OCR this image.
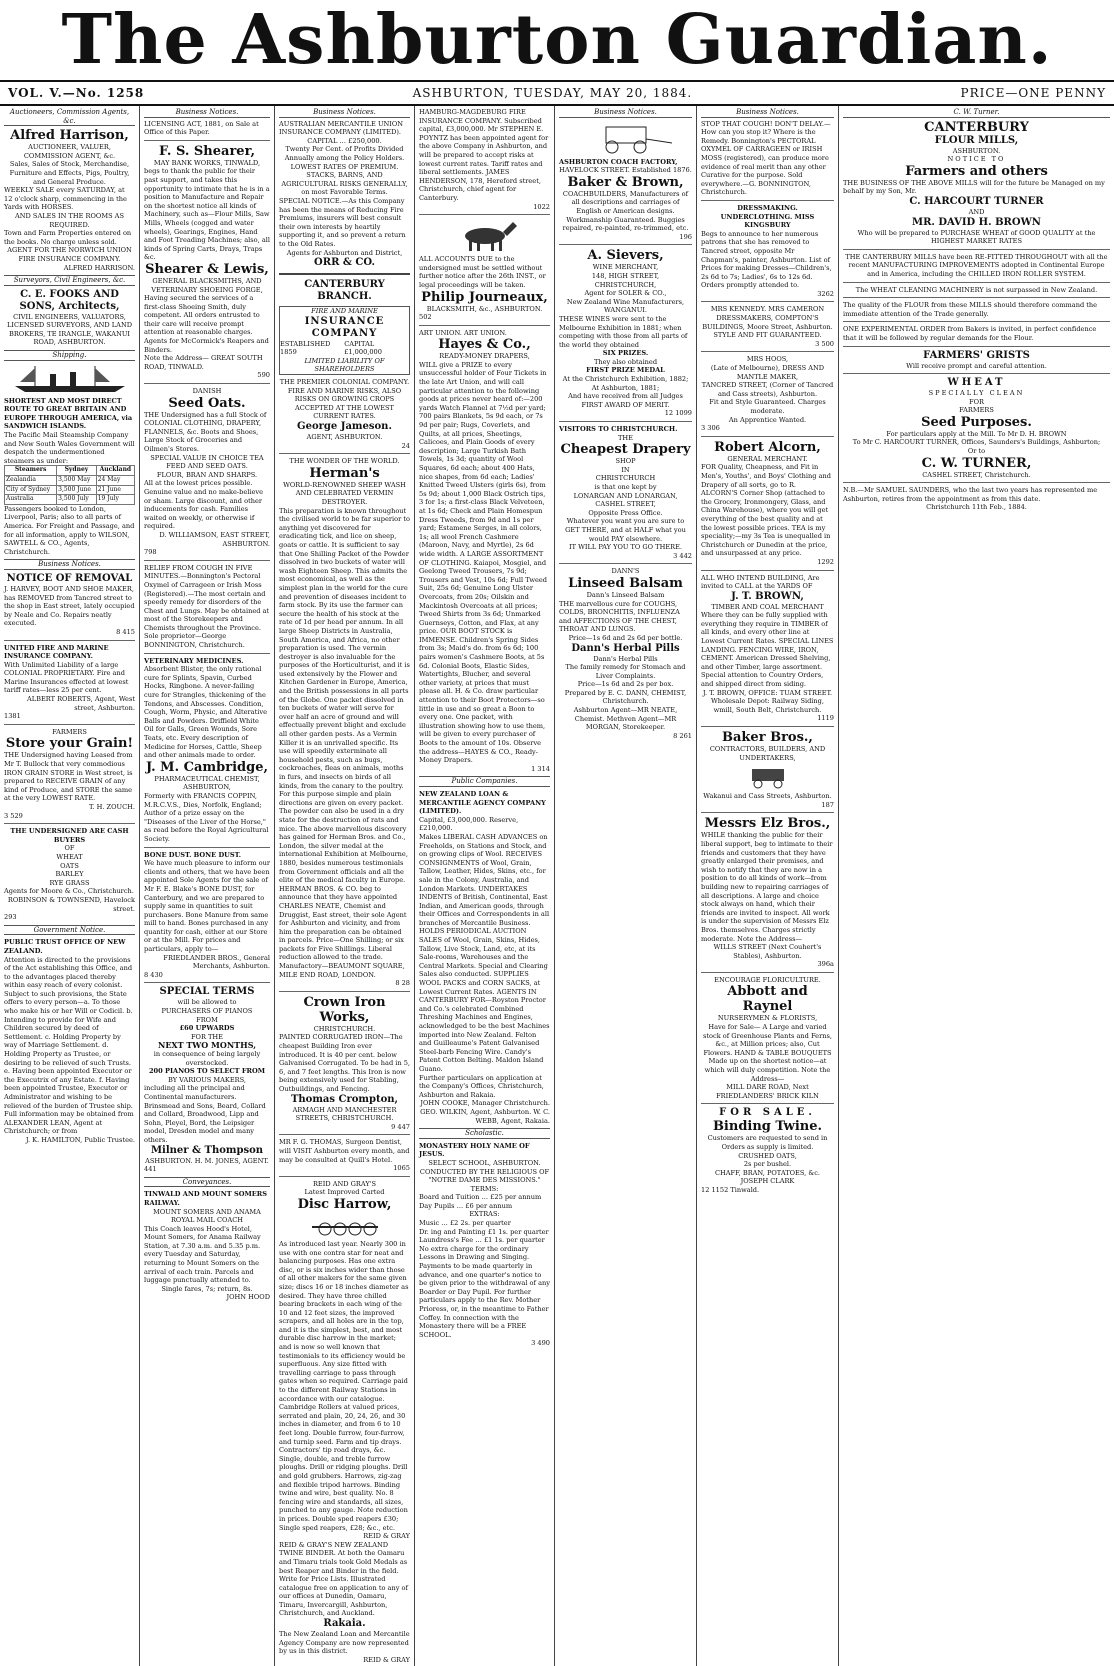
The Ashburton Guardian.
VOL. V.—No. 1258	ASHBURTON, TUESDAY, MAY 20, 1884.	PRICE—ONE PENNY
Auctioneers, Commission Agents, &c.
Alfred Harrison,
AUCTIONEER, VALUER, COMMISSION AGENT, &c.
Sales, Sales of Stock, Merchandise, Furniture and Effects, Pigs, Poultry, and General Produce.
WEEKLY SALE every SATURDAY, at 12 o'clock sharp, commencing in the Yards with HORSES.
AND SALES IN THE ROOMS AS REQUIRED.
Town and Farm Properties entered on the books. No charge unless sold.
AGENT FOR THE NORWICH UNION FIRE INSURANCE COMPANY.
ALFRED HARRISON.
Surveyors, Civil Engineers, &c.
C. E. FOOKS AND SONS, Architects,
CIVIL ENGINEERS, VALUATORS, LICENSED SURVEYORS, AND LAND BROKERS, TE IRANGLE, WAKANUI ROAD, ASHBURTON.
Shipping.
SHORTEST AND MOST DIRECT ROUTE TO GREAT BRITAIN AND EUROPE THROUGH AMERICA, via SANDWICH ISLANDS.
The Pacific Mail Steamship Company and New South Wales Government will despatch the undermentioned steamers as under:
Steamers	Sydney	Auckland
Zealandia	3,500 May	24 May
City of Sydney	3,500 June	21 June
Australia	3,500 July	19 July
Passengers booked to London, Liverpool, Paris; also to all parts of America. For Freight and Passage, and for all information, apply to WILSON, SAWTELL & CO., Agents, Christchurch.
Business Notices.
NOTICE OF REMOVAL
J. HARVEY, BOOT AND SHOE MAKER, has REMOVED from Tancred street to the shop in East street, lately occupied by Neale and Co. Repairs neatly executed.
8 415
UNITED FIRE AND MARINE INSURANCE COMPANY.
With Unlimited Liability of a large COLONIAL PROPRIETARY. Fire and Marine Insurances effected at lowest tariff rates—less 25 per cent.
ALBERT ROBERTS, Agent, West street, Ashburton.
1381
FARMERS
Store your Grain!
THE Undersigned having Leased from Mr T. Bullock that very commodious IRON GRAIN STORE in West street, is prepared to RECEIVE GRAIN of any kind of Produce, and STORE the same at the very LOWEST RATE.
T. H. ZOUCH.
3 529
THE UNDERSIGNED ARE CASH BUYERS
OF
WHEAT
OATS
BARLEY
RYE GRASS
Agents for Moore & Co., Christchurch.
ROBINSON & TOWNSEND, Havelock street.
293
Government Notice.
PUBLIC TRUST OFFICE OF NEW ZEALAND.
Attention is directed to the provisions of the Act establishing this Office, and to the advantages placed thereby within easy reach of every colonist. Subject to such provisions, the State offers to every person—a. To those who make his or her Will or Codicil. b. Intending to provide for Wife and Children secured by deed of Settlement. c. Holding Property by way of Marriage Settlement. d. Holding Property as Trustee, or desiring to be relieved of such Trusts. e. Having been appointed Executor or the Executrix of any Estate. f. Having been appointed Trustee, Executor or Administrator and wishing to be relieved of the burden of Trustee ship. Full information may be obtained from ALEXANDER LEAN, Agent at Christchurch; or from
J. K. HAMILTON, Public Trustee.
Business Notices.
LICENSING ACT, 1881, on Sale at Office of this Paper.
F. S. Shearer,
MAY BANK WORKS, TINWALD,
begs to thank the public for their past support, and takes this opportunity to intimate that he is in a position to Manufacture and Repair on the shortest notice all kinds of Machinery, such as—Flour Mills, Saw Mills, Wheels (cogged and water wheels), Gearings, Engines, Hand and Foot Treading Machines; also, all kinds of Spring Carts, Drays, Traps &c.
Shearer & Lewis,
GENERAL BLACKSMITHS, AND VETERINARY SHOEING FORGE,
Having secured the services of a first-class Shoeing Smith, duly competent. All orders entrusted to their care will receive prompt attention at reasonable charges. Agents for McCormick's Reapers and Binders.
Note the Address— GREAT SOUTH ROAD, TINWALD.
590
DANISH
Seed Oats.
THE Undersigned has a full Stock of COLONIAL CLOTHING, DRAPERY, FLANNELS, &c. Boots and Shoes, Large Stock of Groceries and Oilmen's Stores.
SPECIAL VALUE IN CHOICE TEA
FEED AND SEED OATS.
FLOUR, BRAN AND SHARPS.
All at the lowest prices possible. Genuine value and no make-believe or sham. Large discount, and other inducements for cash. Families waited on weekly, or otherwise if required.
D. WILLIAMSON, EAST STREET, ASHBURTON.
798
RELIEF FROM COUGH IN FIVE MINUTES.—Bonnington's Pectoral Oxymel of Carrageen or Irish Moss (Registered).—The most certain and speedy remedy for disorders of the Chest and Lungs. May be obtained at most of the Storekeepers and Chemists throughout the Province. Sole proprietor—George BONNINGTON, Christchurch.
VETERINARY MEDICINES.
Absorbent Blister, the only rational cure for Splints, Spavin, Curbed Hocks, Ringbone. A never-failing cure for Strangles, thickening of the Tendons, and Abscesses. Condition, Cough, Worm, Physic, and Alterative Balls and Powders. Driffield White Oil for Galls, Green Wounds, Sore Teats, etc. Every description of Medicine for Horses, Cattle, Sheep and other animals made to order.
J. M. Cambridge,
PHARMACEUTICAL CHEMIST, ASHBURTON,
Formerly with FRANCIS COPPIN, M.R.C.V.S., Dies, Norfolk, England; Author of a prize essay on the "Diseases of the Liver of the Horse," as read before the Royal Agricultural Society.
BONE DUST. BONE DUST.
We have much pleasure to inform our clients and others, that we have been appointed Sole Agents for the sale of Mr F. E. Blake's BONE DUST, for Canterbury, and we are prepared to supply same in quantities to suit purchasers. Bone Manure from same mill to hand. Bones purchased in any quantity for cash, either at our Store or at the Mill. For prices and particulars, apply to—
FRIEDLANDER BROS., General Merchants, Ashburton.
8 430
SPECIAL TERMS
will be allowed to
PURCHASERS OF PIANOS
FROM
£60 UPWARDS
FOR THE
NEXT TWO MONTHS,
in consequence of being largely overstocked.
200 PIANOS TO SELECT FROM
BY VARIOUS MAKERS,
including all the principal and Continental manufacturers.
Brinsmead and Sons, Beard, Collard and Collard, Broadwood, Lipp and Sohn, Pleyel, Bord, the Leipsiger model, Dresden model and many others.
Milner & Thompson
ASHBURTON. H. M. JONES, AGENT.
441
Conveyances.
TINWALD AND MOUNT SOMERS RAILWAY.
MOUNT SOMERS AND ANAMA ROYAL MAIL COACH
This Coach leaves Hood's Hotel, Mount Somers, for Anama Railway Station, at 7.30 a.m. and 5.35 p.m. every Tuesday and Saturday, returning to Mount Somers on the arrival of each train. Parcels and luggage punctually attended to.
Single fares, 7s; return, 8s.
JOHN HOOD
Business Notices.
AUSTRALIAN MERCANTILE UNION INSURANCE COMPANY (LIMITED).
CAPITAL … £250,000.
Twenty Per Cent. of Profits Divided Annually among the Policy Holders.
LOWEST RATES OF PREMIUM.
STACKS, BARNS, AND AGRICULTURAL RISKS GENERALLY, on most Favorable Terms.
SPECIAL NOTICE.—As this Company has been the means of Reducing Fire Premiums, insurers will best consult their own interests by heartily supporting it, and so prevent a return to the Old Rates.
Agents for Ashburton and District,
ORR & CO.
CANTERBURY BRANCH.
FIRE AND MARINE
INSURANCE COMPANY
ESTABLISHED 1859
CAPITAL £1,000,000
LIMITED LIABILITY OF SHAREHOLDERS
THE PREMIER COLONIAL COMPANY.
FIRE AND MARINE RISKS, ALSO RISKS ON GROWING CROPS ACCEPTED AT THE LOWEST CURRENT RATES.
George Jameson.
AGENT, ASHBURTON.
24
THE WONDER OF THE WORLD.
Herman's
WORLD-RENOWNED SHEEP WASH AND CELEBRATED VERMIN DESTROYER.
This preparation is known throughout the civilised world to be far superior to anything yet discovered for eradicating tick, and lice on sheep, goats or cattle. It is sufficient to say that One Shilling Packet of the Powder dissolved in two buckets of water will wash Eighteen Sheep. This admits the most economical, as well as the simplest plan in the world for the cure and prevention of diseases incident to farm stock. By its use the farmer can secure the health of his stock at the rate of 1d per head per annum. In all large Sheep Districts in Australia, South America, and Africa, no other preparation is used. The vermin destroyer is also invaluable for the purposes of the Horticulturist, and it is used extensively by the Flower and Kitchen Gardener in Europe, America, and the British possessions in all parts of the Globe. One packet dissolved in ten buckets of water will serve for over half an acre of ground and will effectually prevent blight and exclude all other garden pests. As a Vermin Killer it is an unrivalled specific. Its use will speedily exterminate all household pests, such as bugs, cockroaches, fleas on animals, moths in furs, and insects on birds of all kinds, from the canary to the poultry. For this purpose simple and plain directions are given on every packet. The powder can also be used in a dry state for the destruction of rats and mice. The above marvellous discovery has gained for Herman Bros. and Co., London, the silver medal at the international Exhibition at Melbourne, 1880, besides numerous testimonials from Government officials and all the elite of the medical faculty in Europe.
HERMAN BROS. & CO. beg to announce that they have appointed CHARLES NEATE, Chemist and Druggist, East street, their sole Agent for Ashburton and vicinity, and from him the preparation can be obtained in parcels. Price—One Shilling; or six packets for Five Shillings. Liberal reduction allowed to the trade.
Manufactory—BEAUMONT SQUARE, MILE END ROAD, LONDON.
8 28
Crown Iron Works,
CHRISTCHURCH.
PAINTED CORRUGATED IRON—The cheapest Building Iron ever introduced. It is 40 per cent. below Galvanised Corrugated. To be had in 5, 6, and 7 feet lengths. This Iron is now being extensively used for Stabling, Outbuildings, and Fencing.
Thomas Crompton,
ARMAGH AND MANCHESTER STREETS, CHRISTCHURCH.
9 447
MR F. G. THOMAS, Surgeon Dentist, will VISIT Ashburton every month, and may be consulted at Quill's Hotel.
1065
REID AND GRAY'S
Latest Improved Carted
Disc Harrow,
As introduced last year. Nearly 300 in use with one contra star for neat and balancing purposes. Has one extra disc, or is six inches wider than those of all other makers for the same given size; discs 16 or 18 inches diameter as desired. They have three chilled bearing brackets in each wing of the 10 and 12 feet sizes, the improved scrapers, and all holes are in the top, and it is the simplest, best, and most durable disc harrow in the market; and is now so well known that testimonials to its efficiency would be superfluous. Any size fitted with travelling carriage to pass through gates when so required. Carriage paid to the different Railway Stations in accordance with our catalogue. Cambridge Rollers at valued prices, serrated and plain, 20, 24, 26, and 30 inches in diameter, and from 6 to 10 feet long. Double furrow, four-furrow, and turnip seed. Farm and tip drays. Contractors' tip road drays, &c. Single, double, and treble furrow ploughs. Drill or ridging ploughs. Drill and gold grubbers. Harrows, zig-zag and flexible tripod harrows. Binding twine and wire, best quality. No. 8 fencing wire and standards, all sizes, punched to any gauge. Note reduction in prices. Double sped reapers £30; Single sped reapers, £28; &c., etc.
REID & GRAY
REID & GRAY'S NEW ZEALAND TWINE BINDER. At both the Oamaru and Timaru trials took Gold Medals as best Reaper and Binder in the field. Write for Price Lists. Illustrated catalogue free on application to any of our offices at Dunedin, Oamaru, Timaru, Invercargill, Ashburton, Christchurch, and Auckland.
Rakaia.
The New Zealand Loan and Mercantile Agency Company are now represented by us in this district.
REID & GRAY
HAMBURG-MAGDEBURG FIRE INSURANCE COMPANY. Subscribed capital, £3,000,000. Mr STEPHEN E. POYNTZ has been appointed agent for the above Company in Ashburton, and will be prepared to accept risks at lowest current rates. Tariff rates and liberal settlements. JAMES HENDERSON, 178, Hereford street, Christchurch, chief agent for Canterbury.
1022
ALL ACCOUNTS DUE to the undersigned must be settled without further notice after the 26th INST., or legal proceedings will be taken.
Philip Journeaux,
BLACKSMITH, &c., ASHBURTON.
502
ART UNION. ART UNION.
Hayes & Co.,
READY-MONEY DRAPERS,
WILL give a PRIZE to every unsuccessful holder of Four Tickets in the late Art Union, and will call particular attention to the following goods at prices never heard of:—200 yards Watch Flannel at 7½d per yard; 700 pairs Blankets, 5s 9d each, or 7s 9d per pair; Rugs, Coverlets, and Quilts, at all prices, Sheetings, Calicoes, and Plain Goods of every description; Large Turkish Bath Towels, 1s 3d; quantity of Wool Squares, 6d each; about 400 Hats, nice shapes, from 6d each; Ladies' Knitted Tweed Ulsters (girls 6s), from 5s 9d; about 1,000 Black Ostrich tips, 3 for 1s; a first-class Black Velveteen, at 1s 6d; Check and Plain Homespun Dress Tweeds, from 9d and 1s per yard; Estamene Serges, in all colors, 1s; all wool French Cashmere (Maroon, Navy, and Myrtle), 2s 6d wide width. A LARGE ASSORTMENT OF CLOTHING. Kaiapoi, Mosgiel, and Geelong Tweed Trousers, 7s 9d; Trousers and Vest, 10s 6d; Full Tweed Suit, 25s 6d; Genuine Long Ulster Overcoats, from 20s; Oilskin and Mackintosh Overcoats at all prices; Tweed Shirts from 3s 6d; Unmarked Guernseys, Cotton, and Flax, at any price. OUR BOOT STOCK is IMMENSE. Children's Spring Sides from 3s; Maid's do. from 6s 6d; 100 pairs women's Cashmere Boots, at 5s 6d. Colonial Boots, Elastic Sides, Watertights, Blucher, and several other variety, at prices that must please all. H. & Co. draw particular attention to their Boot Protectors—so little in use and so great a Boon to every one. One packet, with illustration showing how to use them, will be given to every purchaser of Boots to the amount of 10s. Observe the address—HAYES & CO., Ready-Money Drapers.
1 314
Public Companies.
NEW ZEALAND LOAN & MERCANTILE AGENCY COMPANY (LIMITED).
Capital, £3,000,000. Reserve, £210,000.
Makes LIBERAL CASH ADVANCES on Freeholds, on Stations and Stock, and on growing clips of Wool. RECEIVES CONSIGNMENTS of Wool, Grain, Tallow, Leather, Hides, Skins, etc., for sale in the Colony, Australia, and London Markets. UNDERTAKES INDENTS of British, Continental, East Indian, and American goods, through their Offices and Correspondents in all branches of Mercantile Business. HOLDS PERIODICAL AUCTION SALES of Wool, Grain, Skins, Hides, Tallow, Live Stock, Land, etc, at its Sale-rooms, Warehouses and the Central Markets. Special and Clearing Sales also conducted. SUPPLIES WOOL PACKS and CORN SACKS, at Lowest Current Rates. AGENTS IN CANTERBURY FOR—Royston Proctor and Co.'s celebrated Combined Threshing Machines and Engines, acknowledged to be the best Machines imported into New Zealand. Felton and Guilleaume's Patent Galvanised Steel-barb Fencing Wire. Candy's Patent Cotton Belting. Maldon Island Guano.
Further particulars on application at the Company's Offices, Christchurch, Ashburton and Rakaia.
JOHN COOKE, Manager Christchurch. GEO. WILKIN, Agent, Ashburton. W. C. WEBB, Agent, Rakaia.
Scholastic.
MONASTERY HOLY NAME OF JESUS.
SELECT SCHOOL, ASHBURTON.
CONDUCTED BY THE RELIGIOUS OF "NOTRE DAME DES MISSIONS."
TERMS:
Board and Tuition … £25 per annum
Day Pupils … £6 per annum
EXTRAS:
Music … £2 2s. per quarter
Dr. ing and Painting £1 1s. per quarter
Laundress's Fee … £1 1s. per quarter
No extra charge for the ordinary Lessons in Drawing and Singing. Payments to be made quarterly in advance, and one quarter's notice to be given prior to the withdrawal of any Boarder or Day Pupil. For further particulars apply to the Rev. Mother Prioress, or, in the meantime to Father Coffey. In connection with the Monastery there will be a FREE SCHOOL.
3 490
Business Notices.
ASHBURTON COACH FACTORY,
HAVELOCK STREET. Established 1876.
Baker & Brown,
COACHBUILDERS, Manufacturers of all descriptions and carriages of English or American designs. Workmanship Guaranteed. Buggies repaired, re-painted, re-trimmed, etc.
196
A. Sievers,
WINE MERCHANT,
148, HIGH STREET,
CHRISTCHURCH,
Agent for SOLER & CO.,
New Zealand Wine Manufacturers, WANGANUI.
THESE WINES were sent to the Melbourne Exhibition in 1881; when competing with those from all parts of the world they obtained
SIX PRIZES.
They also obtained
FIRST PRIZE MEDAL
At the Christchurch Exhibition, 1882; At Ashburton, 1881;
And have received from all Judges FIRST AWARD OF MERIT.
12 1099
VISITORS TO CHRISTCHURCH.
THE
Cheapest Drapery
SHOP
IN
CHRISTCHURCH
is that one kept by
LONARGAN AND LONARGAN,
CASHEL STREET,
Opposite Press Office.
Whatever you want you are sure to GET THERE, and at HALF what you would PAY elsewhere.
IT WILL PAY YOU TO GO THERE.
3 442
DANN'S
Linseed Balsam
Dann's Linseed Balsam
THE marvellous cure for COUGHS, COLDS, BRONCHITIS, INFLUENZA and AFFECTIONS OF THE CHEST, THROAT AND LUNGS.
Price—1s 6d and 2s 6d per bottle.
Dann's Herbal Pills
Dann's Herbal Pills
The family remedy for Stomach and Liver Complaints.
Price—1s 6d and 2s per box.
Prepared by E. C. DANN, CHEMIST, Christchurch.
Ashburton Agent—MR NEATE, Chemist. Methven Agent—MR MORGAN, Storekeeper.
8 261
Business Notices.
STOP THAT COUGH! DON'T DELAY.—How can you stop it? Where is the Remedy. Bonnington's PECTORAL OXYMEL OF CARRAGEEN or IRISH MOSS (registered), can produce more evidence of real merit than any other Curative for the purpose. Sold everywhere.—G. BONNINGTON, Christchurch.
DRESSMAKING. UNDERCLOTHING. MISS KINGSBURY
Begs to announce to her numerous patrons that she has removed to Tancred street, opposite Mr Chapman's, painter, Ashburton. List of Prices for making Dresses—Children's, 2s 6d to 7s; Ladies', 6s to 12s 6d. Orders promptly attended to.
3262
MRS KENNEDY. MRS CAMERON DRESSMAKERS, COMPTON'S BUILDINGS, Moore Street, Ashburton. STYLE AND FIT GUARANTEED.
3 500
MRS HOOS,
(Late of Melbourne), DRESS AND MANTLE MAKER,
TANCRED STREET, (Corner of Tancred and Cass streets), Ashburton.
Fit and Style Guaranteed. Charges moderate.
An Apprentice Wanted.
3 306
Robert Alcorn,
GENERAL MERCHANT.
FOR Quality, Cheapness, and Fit in Men's, Youths', and Boys' Clothing and Drapery of all sorts, go to R. ALCORN'S Corner Shop (attached to the Grocery, Ironmongery, Glass, and China Warehouse), where you will get everything of the best quality and at the lowest possible prices. TEA is my speciality;—my 3s Tea is unequalled in Christchurch or Dunedin at the price, and unsurpassed at any price.
1292
ALL WHO INTEND BUILDING, Are invited to CALL at the YARDS OF
J. T. BROWN,
TIMBER AND COAL MERCHANT
Where they can be fully supplied with everything they require in TIMBER of all kinds, and every other line at Lowest Current Rates. SPECIAL LINES LANDING. FENCING WIRE, IRON, CEMENT. American Dressed Shelving, and other Timber, large assortment. Special attention to Country Orders, and shipped direct from siding.
J. T. BROWN, OFFICE: TUAM STREET.
Wholesale Depot: Railway Siding, wmill, South Belt, Christchurch.
1119
Baker Bros.,
CONTRACTORS, BUILDERS, AND UNDERTAKERS,
Wakanui and Cass Streets, Ashburton.
187
Messrs Elz Bros.,
WHILE thanking the public for their liberal support, beg to intimate to their friends and customers that they have greatly enlarged their premises, and wish to notify that they are now in a position to do all kinds of work—from building new to repairing carriages of all descriptions. A large and choice stock always on hand, which their friends are invited to inspect. All work is under the supervision of Messrs Elz Bros. themselves. Charges strictly moderate. Note the Address—
WILLS STREET (Next Couhert's Stables), Ashburton.
396a
ENCOURAGE FLORICULTURE.
Abbott and Raynel
NURSERYMEN & FLORISTS,
Have for Sale— A Large and varied stock of Greenhouse Plants and Ferns, &c., at Million prices; also, Cut Flowers. HAND & TABLE BOUQUETS Made up on the shortest notice—at which will duly competition. Note the Address—
MILL DARE ROAD, Next FRIEDLANDERS' BRICK KILN
FOR SALE.
Binding Twine.
Customers are requested to send in Orders as supply is limited.
CRUSHED OATS,
2s per bushel.
CHAFF, BRAN, POTATOES, &c.
JOSEPH CLARK
12 1152 Tinwald.
C. W. Turner.
CANTERBURY
FLOUR MILLS,
ASHBURTON.
NOTICE TO
Farmers and others
THE BUSINESS OF THE ABOVE MILLS will for the future be Managed on my behalf by my Son, Mr.
C. HARCOURT TURNER
AND
MR. DAVID H. BROWN
Who will be prepared to PURCHASE WHEAT of GOOD QUALITY at the HIGHEST MARKET RATES
THE CANTERBURY MILLS have been RE-FITTED THROUGHOUT with all the recent MANUFACTURING IMPROVEMENTS adopted in Continental Europe and in America, including the CHILLED IRON ROLLER SYSTEM.
The WHEAT CLEANING MACHINERY is not surpassed in New Zealand.
The quality of the FLOUR from these MILLS should therefore command the immediate attention of the Trade generally.
ONE EXPERIMENTAL ORDER from Bakers is invited, in perfect confidence that it will be followed by regular demands for the Flour.
FARMERS' GRISTS
Will receive prompt and careful attention.
WHEAT
SPECIALLY CLEAN
FOR
FARMERS
Seed Purposes.
For particulars apply at the Mill. To Mr D. H. BROWN
To Mr C. HARCOURT TURNER, Offices, Saunders's Buildings, Ashburton;
Or to
C. W. TURNER,
CASHEL STREET, Christchurch.
N.B.—Mr SAMUEL SAUNDERS, who the last two years has represented me Ashburton, retires from the appointment as from this date.
Christchurch 11th Feb., 1884.
